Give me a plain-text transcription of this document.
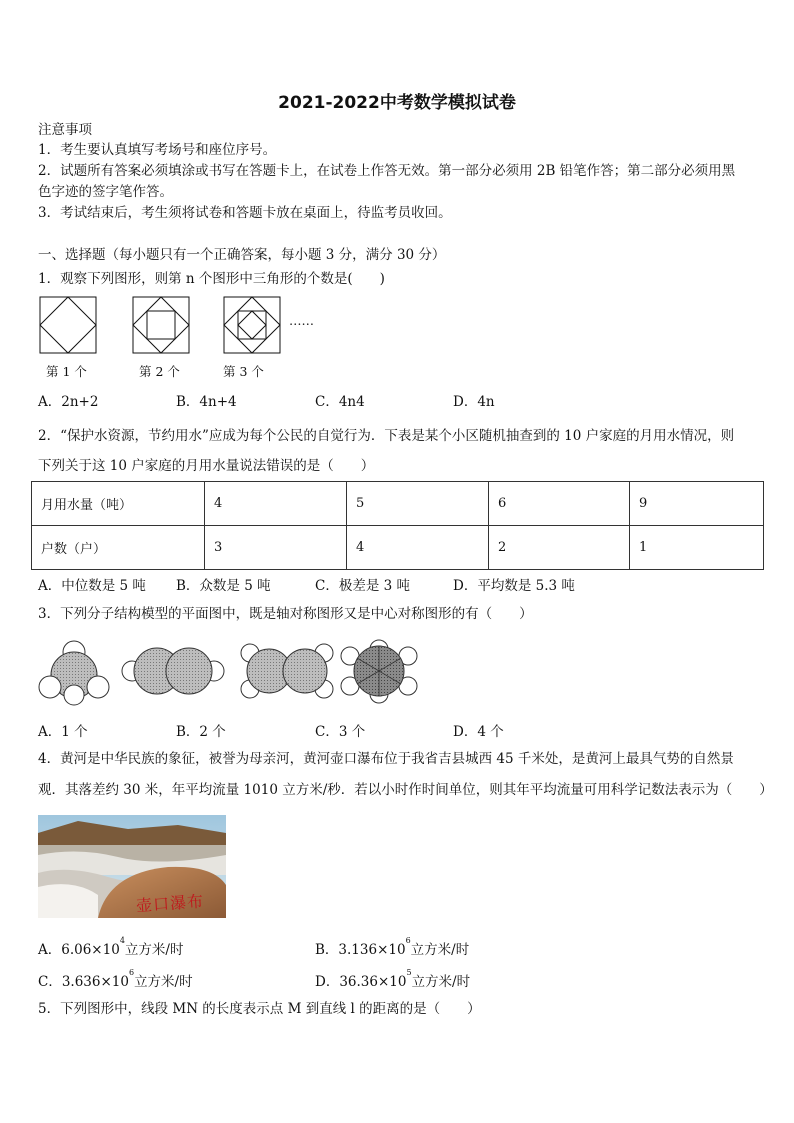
2021-2022中考数学模拟试卷
注意事项
1．考生要认真填写考场号和座位序号。
2．试题所有答案必须填涂或书写在答题卡上，在试卷上作答无效。第一部分必须用 2B 铅笔作答；第二部分必须用黑
色字迹的签字笔作答。
3．考试结束后，考生须将试卷和答题卡放在桌面上，待监考员收回。
一、选择题（每小题只有一个正确答案，每小题 3 分，满分 30 分）
1．观察下列图形，则第 n 个图形中三角形的个数是(　　)
……
第 1 个	第 2 个	第 3 个
A．2n+2	B．4n+4	C．4n4	D．4n
2．“保护水资源，节约用水”应成为每个公民的自觉行为．下表是某个小区随机抽查到的 10 户家庭的月用水情况，则
下列关于这 10 户家庭的月用水量说法错误的是（　　）
月用水量（吨）	4	5	6	9
户数（户）	3	4	2	1
A．中位数是 5 吨 B．众数是 5 吨	C．极差是 3 吨	D．平均数是 5.3 吨
3．下列分子结构模型的平面图中，既是轴对称图形又是中心对称图形的有（　　）
A．1 个	B．2 个	C．3 个	D．4 个
4．黄河是中华民族的象征，被誉为母亲河，黄河壶口瀑布位于我省吉县城西 45 千米处，是黄河上最具气势的自然景
观．其落差约 30 米，年平均流量 1010 立方米/秒．若以小时作时间单位，则其年平均流量可用科学记数法表示为（　　）
壶口瀑布
A．$6.06\times 10^4$立方米/时	B．$3.136\times 10^6$立方米/时
C．$3.636\times 10^6$立方米/时	D．$36.36\times 10^5$立方米/时
5．下列图形中，线段 MN 的长度表示点 M 到直线 l 的距离的是（　　）
